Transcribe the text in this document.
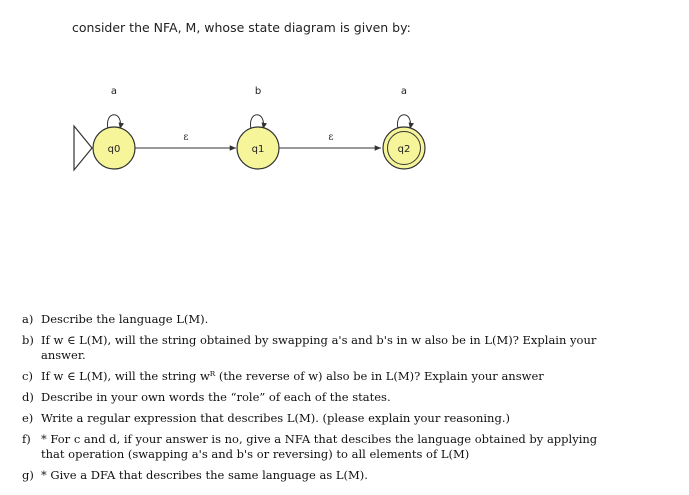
consider the NFA, M, whose state diagram is given by:
a	b	a
ε	ε
q0	q1	q2
a) Describe the language L(M).
b) If w ∈ L(M), will the string obtained by swapping a's and b's in w also be in L(M)? Explain your
answer.
c) If w ∈ L(M), will the string wᴿ (the reverse of w) also be in L(M)? Explain your answer
d) Describe in your own words the “role” of each of the states.
e) Write a regular expression that describes L(M). (please explain your reasoning.)
f) * For c and d, if your answer is no, give a NFA that descibes the language obtained by applying
that operation (swapping a's and b's or reversing) to all elements of L(M)
g) * Give a DFA that describes the same language as L(M).
